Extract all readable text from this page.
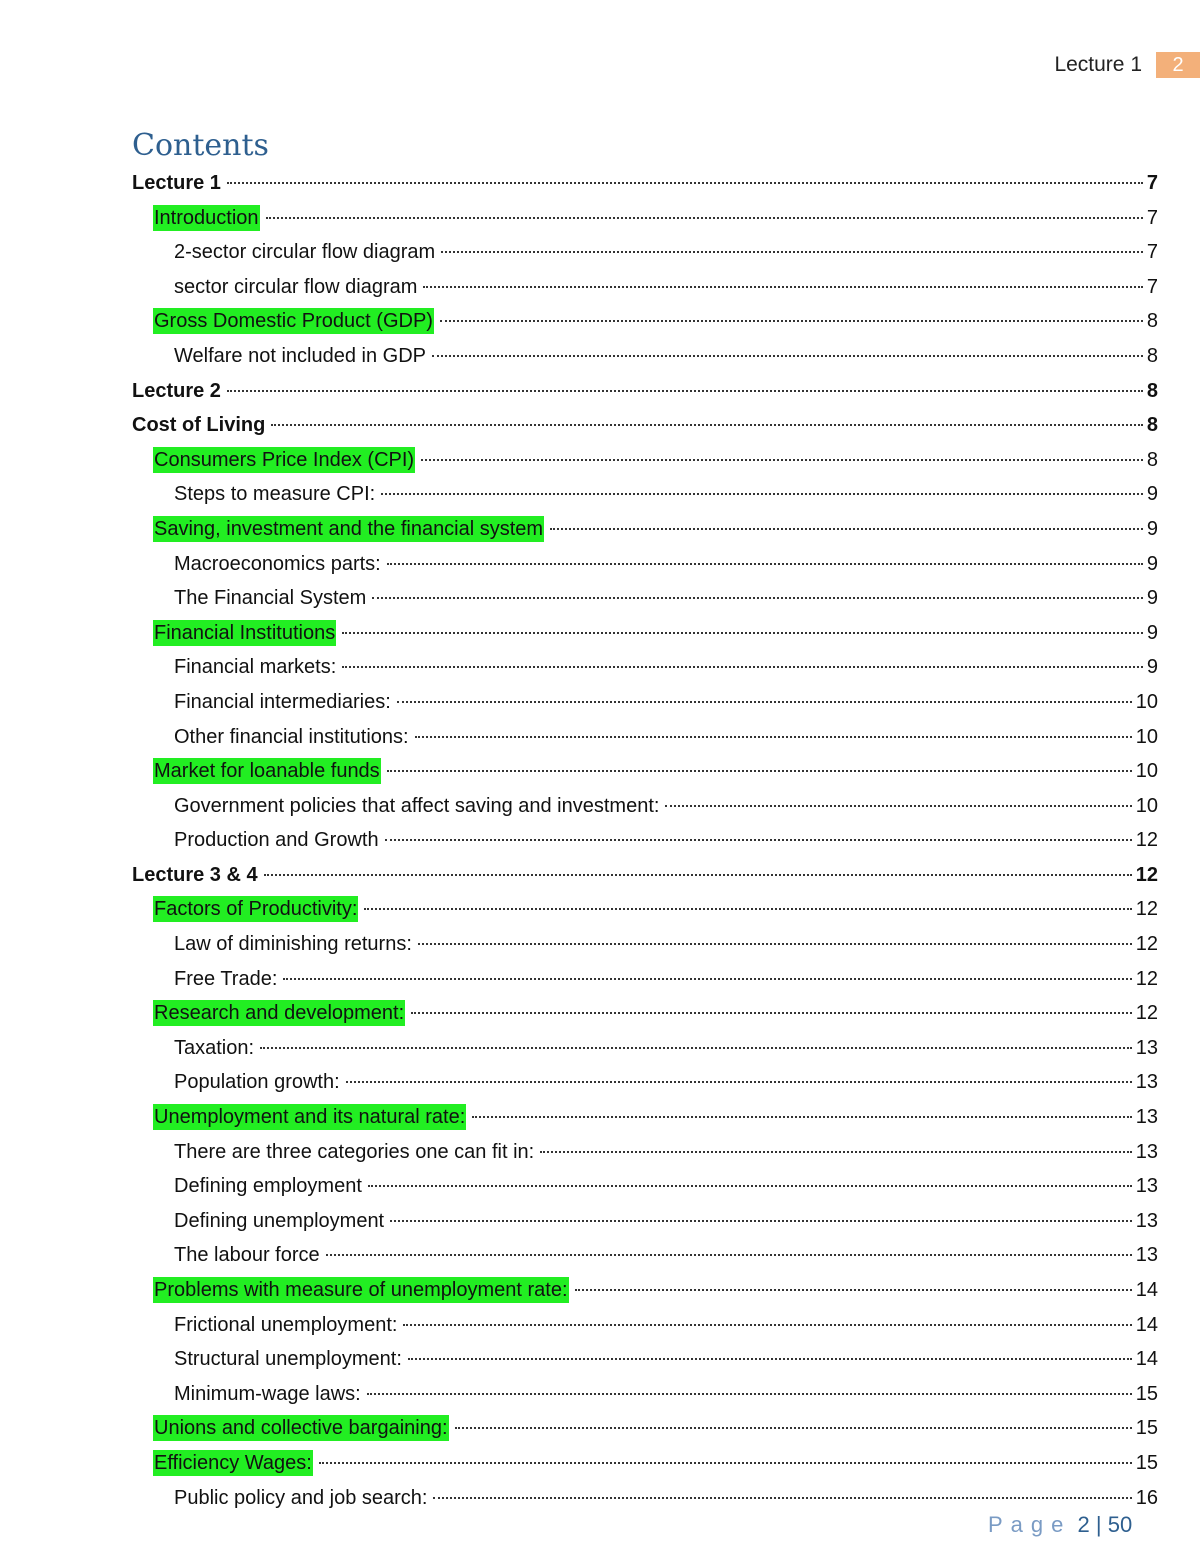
Lecture 1	2
Contents
Lecture 1	7
Introduction	7
2-sector circular flow diagram	7
sector circular flow diagram	7
Gross Domestic Product (GDP)	8
Welfare not included in GDP	8
Lecture 2	8
Cost of Living	8
Consumers Price Index (CPI)	8
Steps to measure CPI:	9
Saving, investment and the financial system	9
Macroeconomics parts:	9
The Financial System	9
Financial Institutions	9
Financial markets:	9
Financial intermediaries:	10
Other financial institutions:	10
Market for loanable funds	10
Government policies that affect saving and investment:	10
Production and Growth	12
Lecture 3 & 4	12
Factors of Productivity:	12
Law of diminishing returns:	12
Free Trade:	12
Research and development:	12
Taxation:	13
Population growth:	13
Unemployment and its natural rate:	13
There are three categories one can fit in:	13
Defining employment	13
Defining unemployment	13
The labour force	13
Problems with measure of unemployment rate:	14
Frictional unemployment:	14
Structural unemployment:	14
Minimum-wage laws:	15
Unions and collective bargaining:	15
Efficiency Wages:	15
Public policy and job search:	16
Page 2 | 50
